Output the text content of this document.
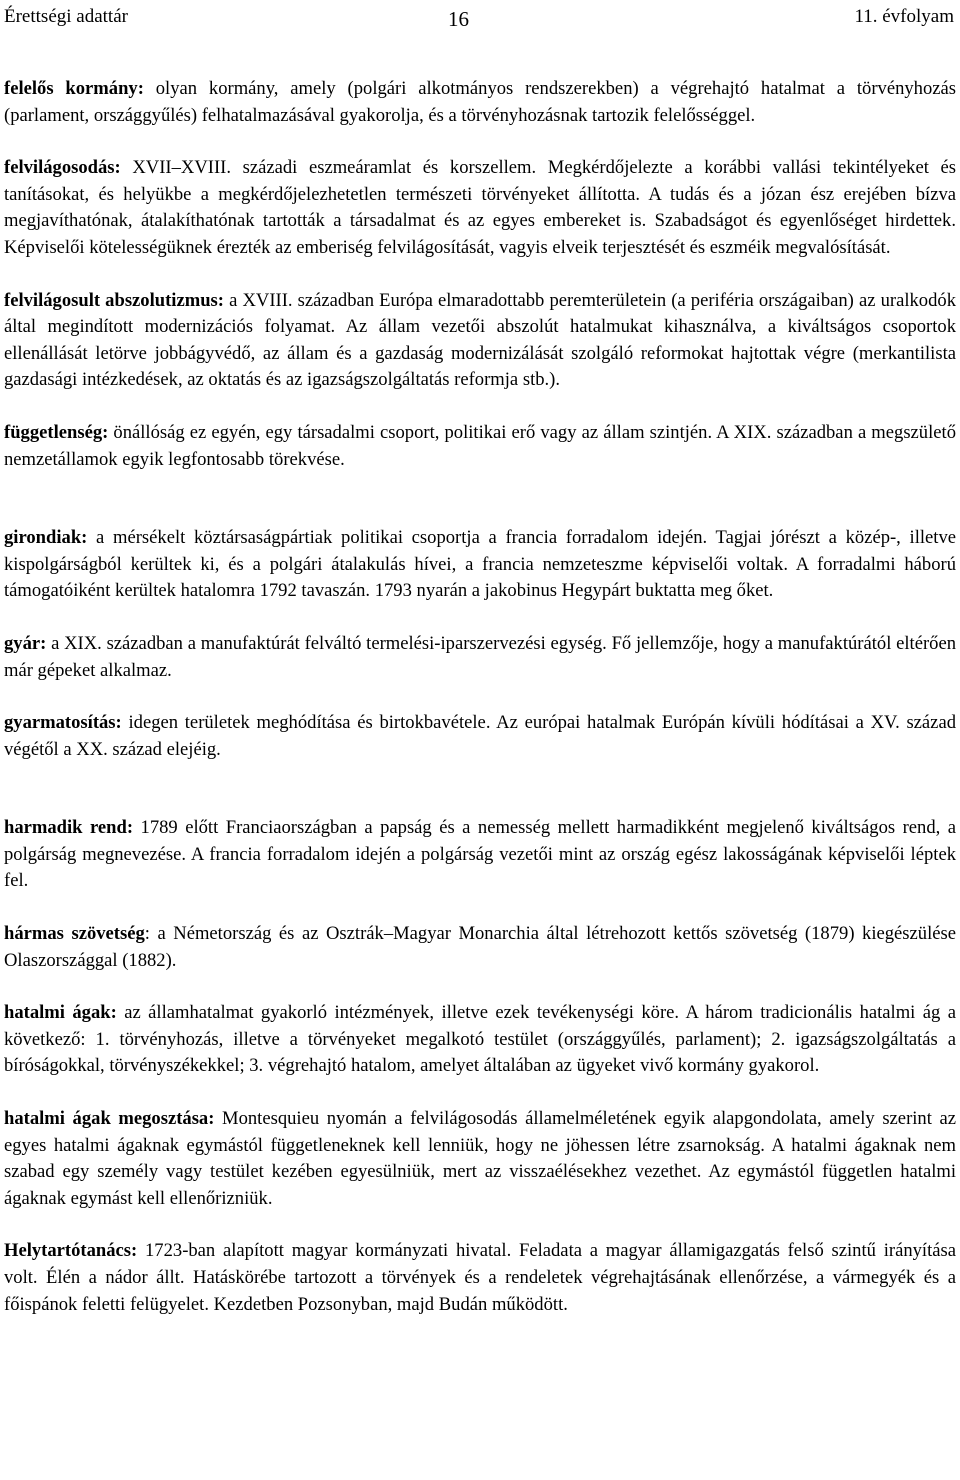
Érettségi adattár	16	11. évfolyam

felelős kormány: olyan kormány, amely (polgári alkotmányos rendszerekben) a végrehajtó hatalmat a törvényhozás (parlament, országgyűlés) felhatalmazásával gyakorolja, és a törvényhozásnak tartozik felelősséggel.

felvilágosodás: XVII–XVIII. századi eszmeáramlat és korszellem. Megkérdőjelezte a korábbi vallási tekintélyeket és tanításokat, és helyükbe a megkérdőjelezhetetlen természeti törvényeket állította. A tudás és a józan ész erejében bízva megjavíthatónak, átalakíthatónak tartották a társadalmat és az egyes embereket is. Szabadságot és egyenlőséget hirdettek. Képviselői kötelességüknek érezték az emberiség felvilágosítását, vagyis elveik terjesztését és eszméik megvalósítását.

felvilágosult abszolutizmus: a XVIII. században Európa elmaradottabb peremterületein (a periféria országaiban) az uralkodók által megindított modernizációs folyamat. Az állam vezetői abszolút hatalmukat kihasználva, a kiváltságos csoportok ellenállását letörve jobbágyvédő, az állam és a gazdaság modernizálását szolgáló reformokat hajtottak végre (merkantilista gazdasági intézkedések, az oktatás és az igazságszolgáltatás reformja stb.).

függetlenség: önállóság ez egyén, egy társadalmi csoport, politikai erő vagy az állam szintjén. A XIX. században a megszülető nemzetállamok egyik legfontosabb törekvése.

girondiak: a mérsékelt köztársaságpártiak politikai csoportja a francia forradalom idején. Tagjai jórészt a közép-, illetve kispolgárságból kerültek ki, és a polgári átalakulás hívei, a francia nemzeteszme képviselői voltak. A forradalmi háború támogatóiként kerültek hatalomra 1792 tavaszán. 1793 nyarán a jakobinus Hegypárt buktatta meg őket.

gyár: a XIX. században a manufaktúrát felváltó termelési-iparszervezési egység. Fő jellemzője, hogy a manufaktúrától eltérően már gépeket alkalmaz.

gyarmatosítás: idegen területek meghódítása és birtokbavétele. Az európai hatalmak Európán kívüli hódításai a XV. század végétől a XX. század elejéig.

harmadik rend: 1789 előtt Franciaországban a papság és a nemesség mellett harmadikként megjelenő kiváltságos rend, a polgárság megnevezése. A francia forradalom idején a polgárság vezetői mint az ország egész lakosságának képviselői léptek fel.

hármas szövetség: a Németország és az Osztrák–Magyar Monarchia által létrehozott kettős szövetség (1879) kiegészülése Olaszországgal (1882).

hatalmi ágak: az államhatalmat gyakorló intézmények, illetve ezek tevékenységi köre. A három tradicionális hatalmi ág a következő: 1. törvényhozás, illetve a törvényeket megalkotó testület (országgyűlés, parlament); 2. igazságszolgáltatás a bíróságokkal, törvényszékekkel; 3. végrehajtó hatalom, amelyet általában az ügyeket vivő kormány gyakorol.

hatalmi ágak megosztása: Montesquieu nyomán a felvilágosodás államelméletének egyik alapgondolata, amely szerint az egyes hatalmi ágaknak egymástól függetleneknek kell lenniük, hogy ne jöhessen létre zsarnokság. A hatalmi ágaknak nem szabad egy személy vagy testület kezében egyesülniük, mert az visszaélésekhez vezethet. Az egymástól független hatalmi ágaknak egymást kell ellenőrizniük.

Helytartótanács: 1723-ban alapított magyar kormányzati hivatal. Feladata a magyar államigazgatás felső szintű irányítása volt. Élén a nádor állt. Hatáskörébe tartozott a törvények és a rendeletek végrehajtásának ellenőrzése, a vármegyék és a főispánok feletti felügyelet. Kezdetben Pozsonyban, majd Budán működött.
